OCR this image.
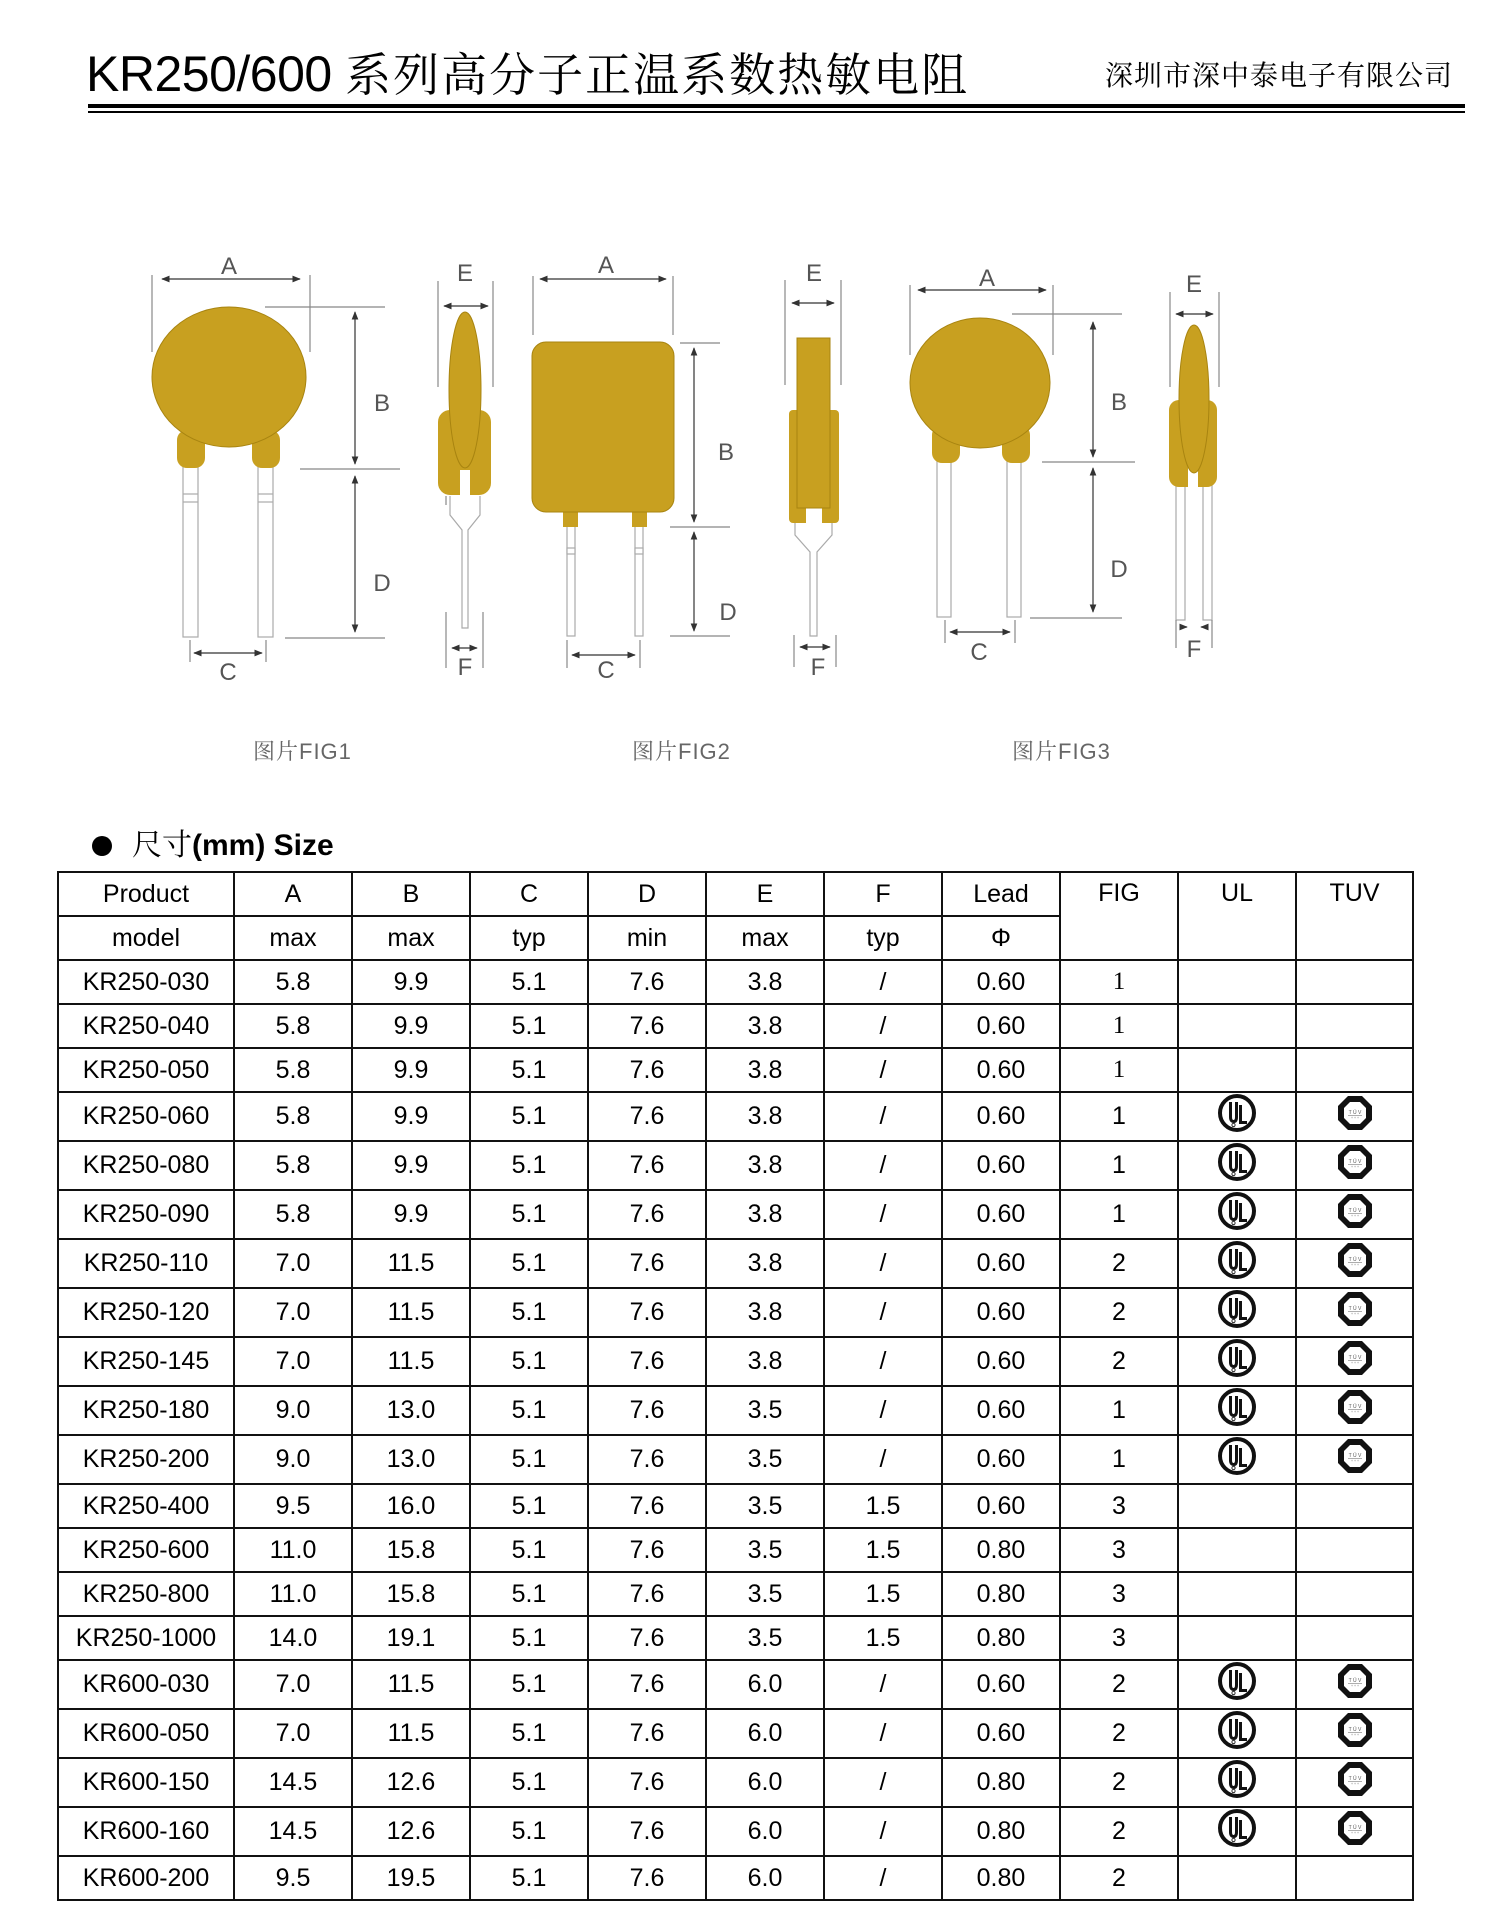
KR250/600 系列高分子正温系数热敏电阻	深圳市深中泰电子有限公司
A
B
D
C
E
F
A
B
D
C
E
F
A
B
D
C
E
F
图片FIG1	图片FIG2	图片FIG3
尺寸 (mm) Size
Product	A	B	C	D	E	F	Lead	FIG	UL	TUV
model	max	max	typ	min	max	typ	Φ			
KR250-030	5.8	9.9	5.1	7.6	3.8	/	0.60	1		
KR250-040	5.8	9.9	5.1	7.6	3.8	/	0.60	1		
KR250-050	5.8	9.9	5.1	7.6	3.8	/	0.60	1		
KR250-060	5.8	9.9	5.1	7.6	3.8	/	0.60	1		T Ü V
+ + +

KR250-080	5.8	9.9	5.1	7.6	3.8	/	0.60	1		T Ü V
+ + +

KR250-090	5.8	9.9	5.1	7.6	3.8	/	0.60	1		T Ü V
+ + +

KR250-110	7.0	11.5	5.1	7.6	3.8	/	0.60	2		T Ü V
+ + +

KR250-120	7.0	11.5	5.1	7.6	3.8	/	0.60	2		T Ü V
+ + +

KR250-145	7.0	11.5	5.1	7.6	3.8	/	0.60	2		T Ü V
+ + +

KR250-180	9.0	13.0	5.1	7.6	3.5	/	0.60	1		T Ü V
+ + +

KR250-200	9.0	13.0	5.1	7.6	3.5	/	0.60	1		T Ü V
+ + +

KR250-400	9.5	16.0	5.1	7.6	3.5	1.5	0.60	3		
KR250-600	11.0	15.8	5.1	7.6	3.5	1.5	0.80	3		
KR250-800	11.0	15.8	5.1	7.6	3.5	1.5	0.80	3		
KR250-1000	14.0	19.1	5.1	7.6	3.5	1.5	0.80	3		
KR600-030	7.0	11.5	5.1	7.6	6.0	/	0.60	2		T Ü V
+ + +

KR600-050	7.0	11.5	5.1	7.6	6.0	/	0.60	2		T Ü V
+ + +

KR600-150	14.5	12.6	5.1	7.6	6.0	/	0.80	2		T Ü V
+ + +

KR600-160	14.5	12.6	5.1	7.6	6.0	/	0.80	2		T Ü V
+ + +

KR600-200	9.5	19.5	5.1	7.6	6.0	/	0.80	2		
